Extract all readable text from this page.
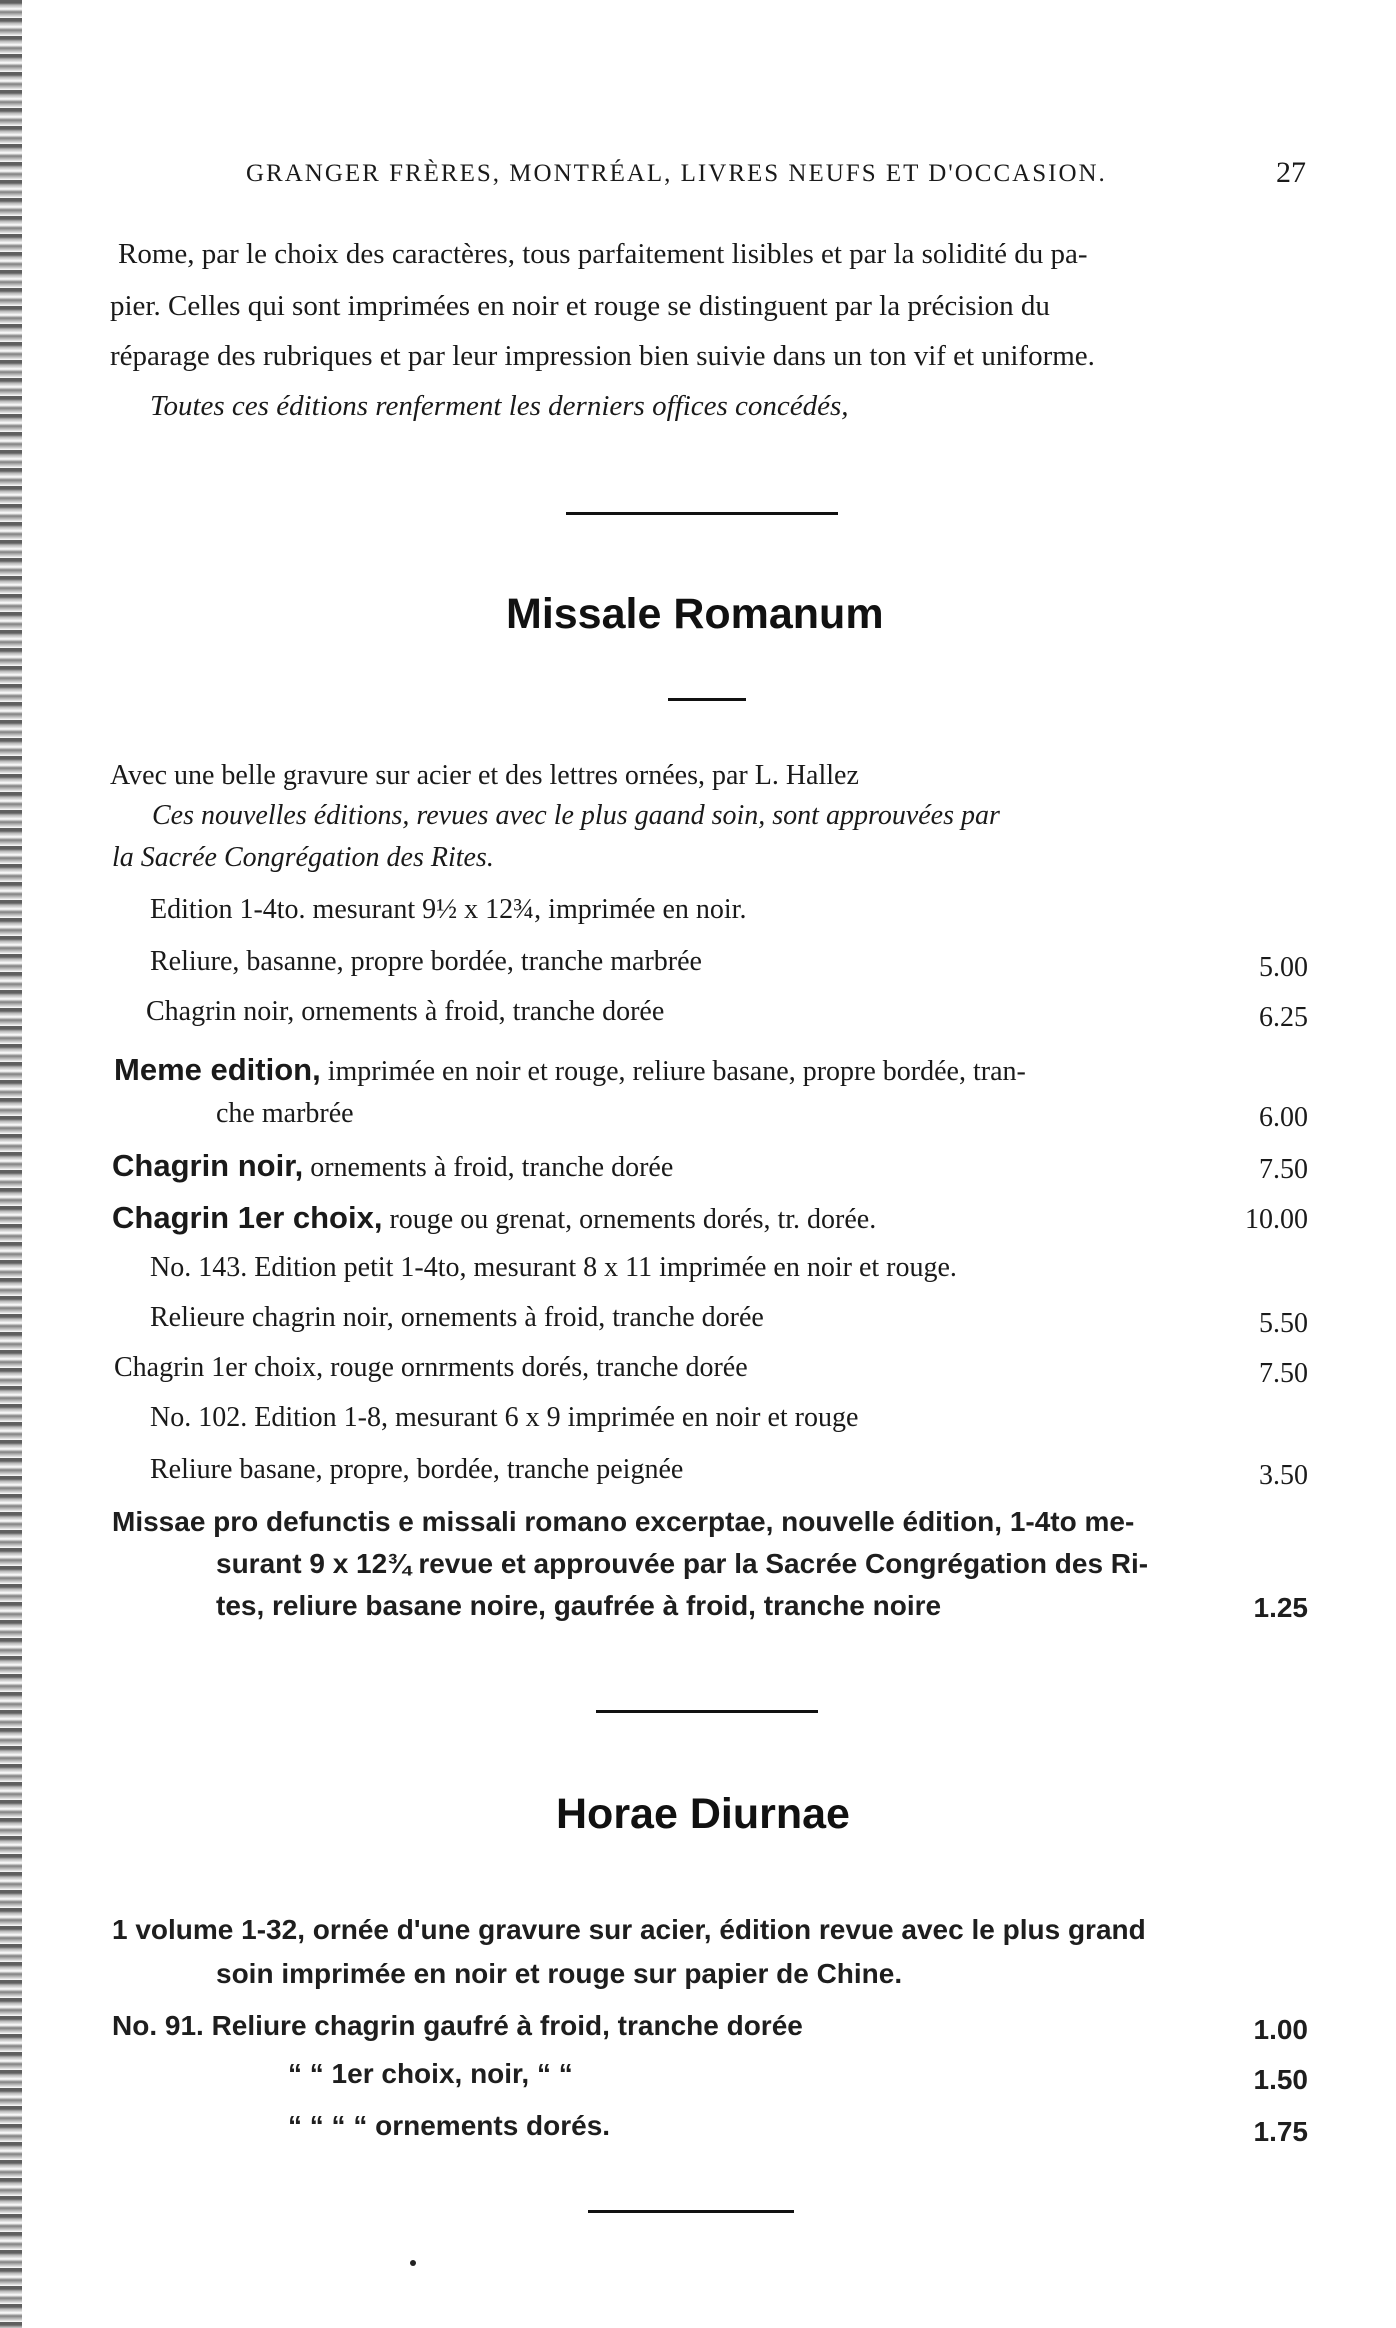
GRANGER FRÈRES, MONTRÉAL, LIVRES NEUFS ET D'OCCASION.	27
Rome, par le choix des caractères, tous parfaitement lisibles et par la solidité du pa-
pier. Celles qui sont imprimées en noir et rouge se distinguent par la précision du
réparage des rubriques et par leur impression bien suivie dans un ton vif et uniforme.
Toutes ces éditions renferment les derniers offices concédés,
Missale Romanum
Avec une belle gravure sur acier et des lettres ornées, par L. Hallez
Ces nouvelles éditions, revues avec le plus gaand soin, sont approuvées par
la Sacrée Congrégation des Rites.
Edition 1-4to. mesurant 9½ x 12¾, imprimée en noir.
Reliure, basanne, propre bordée, tranche marbrée	5.00
Chagrin noir, ornements à froid, tranche dorée	6.25
Meme edition, imprimée en noir et rouge, reliure basane, propre bordée, tran-
che marbrée	6.00
Chagrin noir, ornements à froid, tranche dorée	7.50
Chagrin 1er choix, rouge ou grenat, ornements dorés, tr. dorée.	10.00
No. 143. Edition petit 1-4to, mesurant 8 x 11 imprimée en noir et rouge.
Relieure chagrin noir, ornements à froid, tranche dorée	5.50
Chagrin 1er choix, rouge ornrments dorés, tranche dorée	7.50
No. 102. Edition 1-8, mesurant 6 x 9 imprimée en noir et rouge
Reliure basane, propre, bordée, tranche peignée	3.50
Missae pro defunctis e missali romano excerptae, nouvelle édition, 1-4to me-
surant 9 x 12¾ revue et approuvée par la Sacrée Congrégation des Ri-
tes, reliure basane noire, gaufrée à froid, tranche noire	1.25
Horae Diurnae
1 volume 1-32, ornée d'une gravure sur acier, édition revue avec le plus grand
soin imprimée en noir et rouge sur papier de Chine.
No. 91. Reliure chagrin gaufré à froid, tranche dorée	1.00
“ “ 1er choix, noir, “ “	1.50
“ “ “ “ ornements dorés.	1.75
